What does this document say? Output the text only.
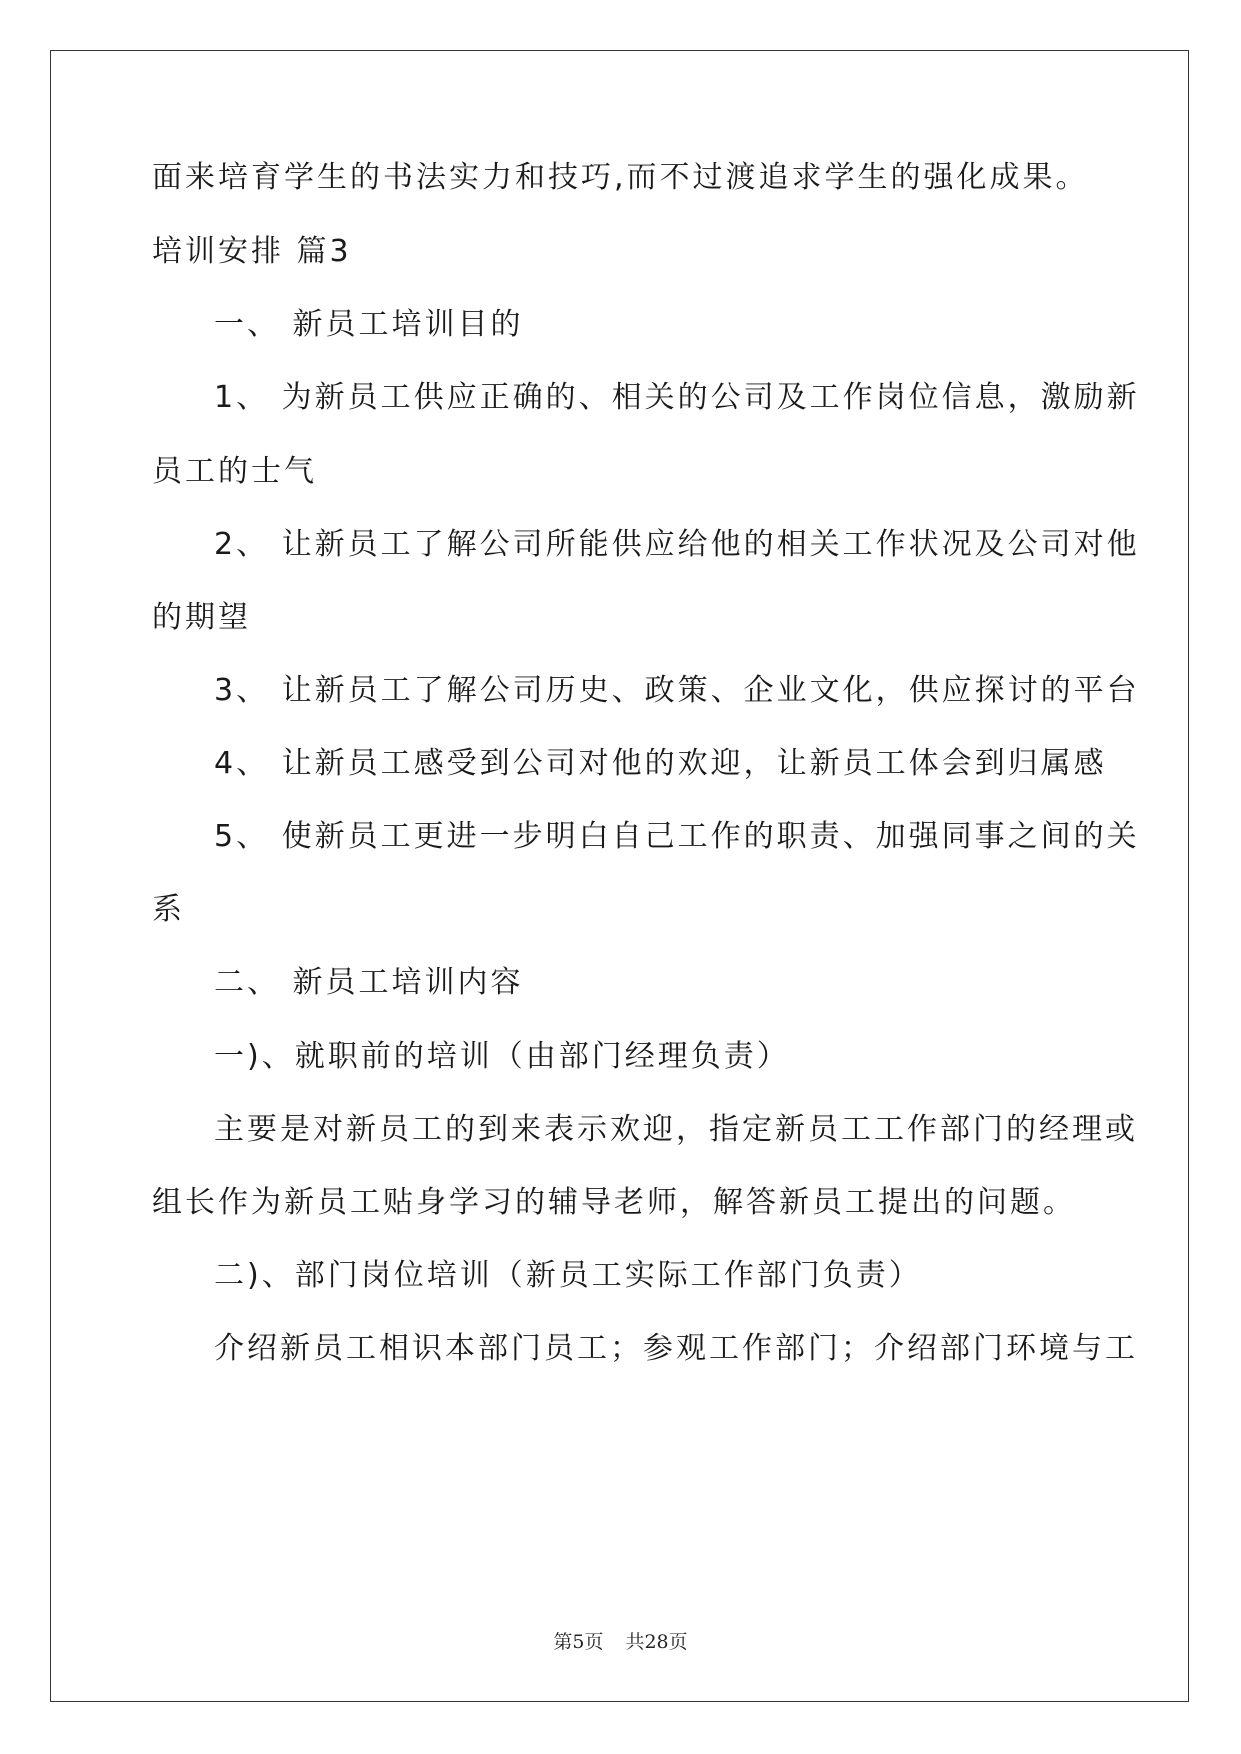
面来培育学生的书法实力和技巧,而不过渡追求学生的强化成果。
培训安排 篇3
一、 新员工培训目的
1、 为新员工供应正确的、相关的公司及工作岗位信息，激励新
员工的士气
2、 让新员工了解公司所能供应给他的相关工作状况及公司对他
的期望
3、 让新员工了解公司历史、政策、企业文化，供应探讨的平台
4、 让新员工感受到公司对他的欢迎，让新员工体会到归属感
5、 使新员工更进一步明白自己工作的职责、加强同事之间的关
系
二、 新员工培训内容
一)、就职前的培训（由部门经理负责）
主要是对新员工的到来表示欢迎，指定新员工工作部门的经理或
组长作为新员工贴身学习的辅导老师，解答新员工提出的问题。
二)、部门岗位培训（新员工实际工作部门负责）
介绍新员工相识本部门员工；参观工作部门；介绍部门环境与工
第5页 共28页
